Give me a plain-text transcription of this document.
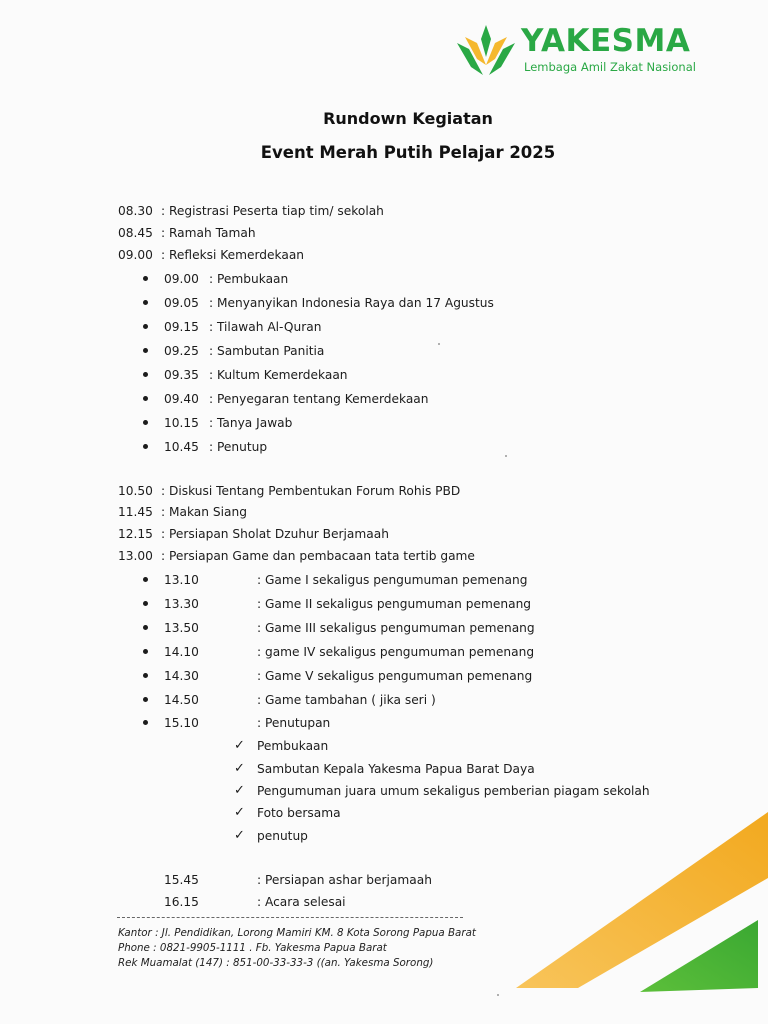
YAKESMA
Lembaga Amil Zakat Nasional
Rundown Kegiatan
Event Merah Putih Pelajar 2025
08.30 : Registrasi Peserta tiap tim/ sekolah
08.45 : Ramah Tamah
09.00 : Refleksi Kemerdekaan
09.00 : Pembukaan
09.05 : Menyanyikan Indonesia Raya dan 17 Agustus
09.15 : Tilawah Al-Quran
09.25 : Sambutan Panitia
09.35 : Kultum Kemerdekaan
09.40 : Penyegaran tentang Kemerdekaan
10.15 : Tanya Jawab
10.45 : Penutup
10.50 : Diskusi Tentang Pembentukan Forum Rohis PBD
11.45 : Makan Siang
12.15 : Persiapan Sholat Dzuhur Berjamaah
13.00 : Persiapan Game dan pembacaan tata tertib game
13.10	: Game I sekaligus pengumuman pemenang
13.30	: Game II sekaligus pengumuman pemenang
13.50	: Game III sekaligus pengumuman pemenang
14.10	: game IV sekaligus pengumuman pemenang
14.30	: Game V sekaligus pengumuman pemenang
14.50	: Game tambahan ( jika seri )
15.10	: Penutupan
✓ Pembukaan
✓ Sambutan Kepala Yakesma Papua Barat Daya
✓ Pengumuman juara umum sekaligus pemberian piagam sekolah
✓ Foto bersama
✓ penutup
15.45	: Persiapan ashar berjamaah
16.15	: Acara selesai
Kantor : Jl. Pendidikan, Lorong Mamiri KM. 8 Kota Sorong Papua Barat
Phone : 0821-9905-1111 . Fb. Yakesma Papua Barat
Rek Muamalat (147) : 851-00-33-33-3 ((an. Yakesma Sorong)
